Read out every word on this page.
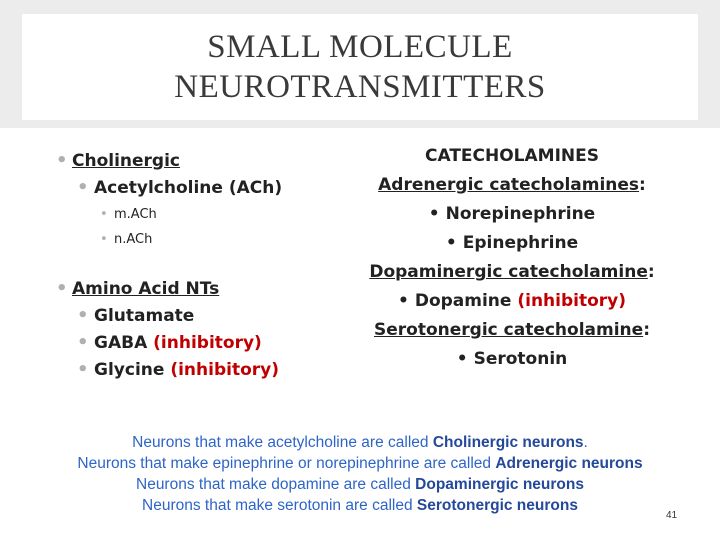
SMALL MOLECULE
NEUROTRANSMITTERS
• Cholinergic
• Acetylcholine (ACh)
• m.ACh
• n.ACh
• Amino Acid NTs
• Glutamate
• GABA (inhibitory)
• Glycine (inhibitory)
CATECHOLAMINES
Adrenergic catecholamines:
• Norepinephrine
• Epinephrine
Dopaminergic catecholamine:
• Dopamine (inhibitory)
Serotonergic catecholamine:
• Serotonin
Neurons that make acetylcholine are called Cholinergic neurons.
Neurons that make epinephrine or norepinephrine are called Adrenergic neurons
Neurons that make dopamine are called Dopaminergic neurons
Neurons that make serotonin are called Serotonergic neurons
41
